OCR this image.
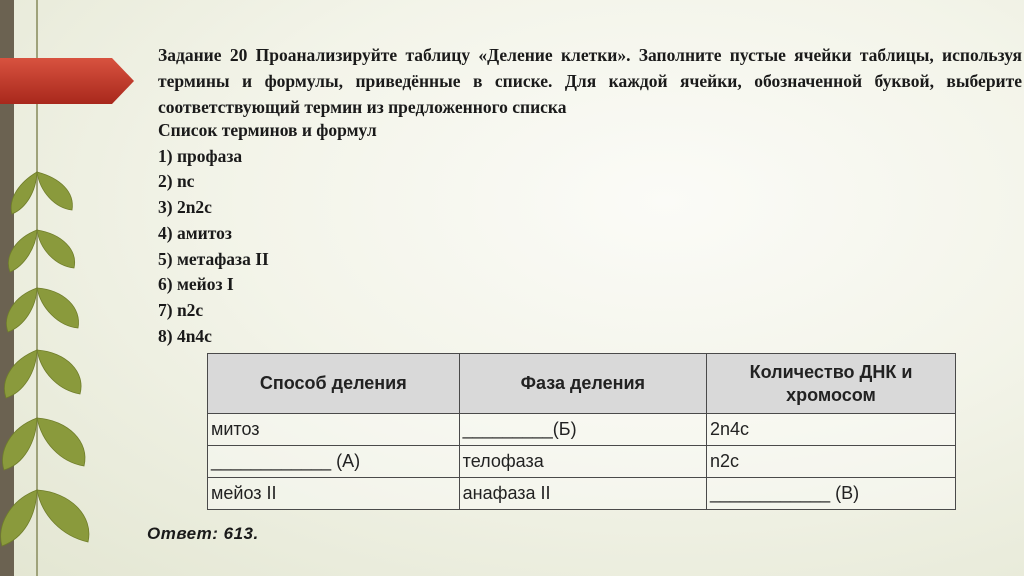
Задание 20 Проанализируйте таблицу «Деление клетки». Заполните пустые ячейки таблицы, используя термины и формулы, приведённые в списке. Для каждой ячейки, обозначенной буквой, выберите соответствующий термин из предложенного списка
Список терминов и формул
1) профаза
2) nc
3) 2n2c
4) амитоз
5) метафаза II
6) мейоз I
7) n2c
8) 4n4c
Способ деления	Фаза деления	Количество ДНК и хромосом
митоз	_________(Б)	2n4c
____________ (А)	телофаза	n2c
мейоз II	анафаза II	____________ (В)
Ответ: 613.
